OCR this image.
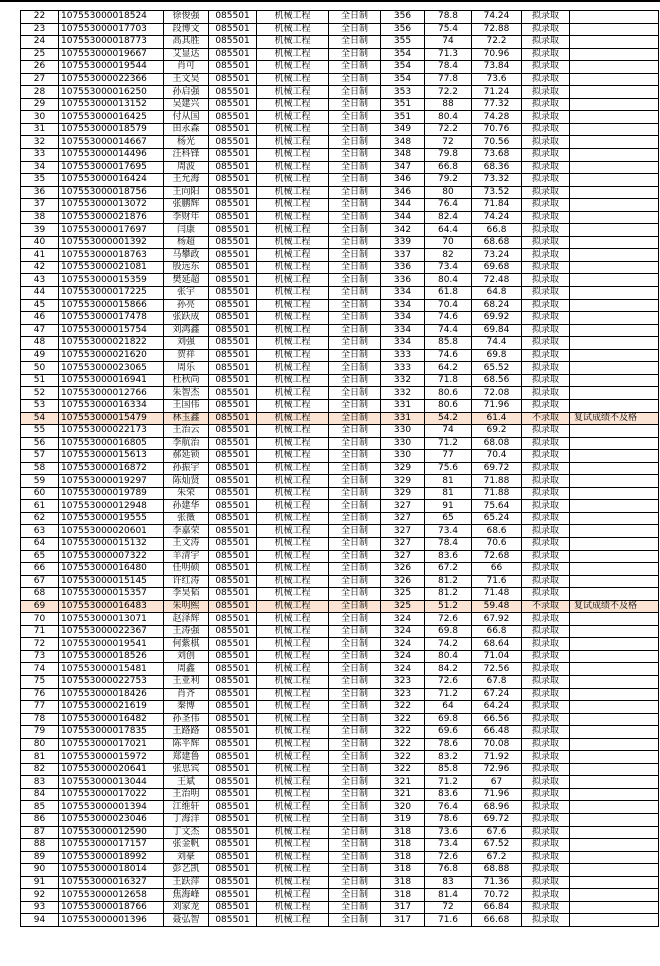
22	107553000018524	徐俊强	085501	机械工程	全日制	356	78.8	74.24	拟录取	
23	107553000017703	段博文	085501	机械工程	全日制	356	75.4	72.88	拟录取	
24	107553000018773	高其胜	085501	机械工程	全日制	355	74	72.2	拟录取	
25	107553000019667	艾显达	085501	机械工程	全日制	354	71.3	70.96	拟录取	
26	107553000019544	肖可	085501	机械工程	全日制	354	78.4	73.84	拟录取	
27	107553000022366	王文昊	085501	机械工程	全日制	354	77.8	73.6	拟录取	
28	107553000016250	孙启强	085501	机械工程	全日制	353	72.2	71.24	拟录取	
29	107553000013152	吴建兴	085501	机械工程	全日制	351	88	77.32	拟录取	
30	107553000016425	付从国	085501	机械工程	全日制	351	80.4	74.28	拟录取	
31	107553000018579	田永森	085501	机械工程	全日制	349	72.2	70.76	拟录取	
32	107553000014667	杨光	085501	机械工程	全日制	348	72	70.56	拟录取	
33	107553000014496	汪科锋	085501	机械工程	全日制	348	79.8	73.68	拟录取	
34	107553000017695	周波	085501	机械工程	全日制	347	66.8	68.36	拟录取	
35	107553000016424	王允海	085501	机械工程	全日制	346	79.2	73.32	拟录取	
36	107553000018756	王向阳	085501	机械工程	全日制	346	80	73.52	拟录取	
37	107553000013072	张鹏辉	085501	机械工程	全日制	344	76.4	71.84	拟录取	
38	107553000021876	李财年	085501	机械工程	全日制	344	82.4	74.24	拟录取	
39	107553000017697	闫康	085501	机械工程	全日制	342	64.4	66.8	拟录取	
40	107553000001392	杨超	085501	机械工程	全日制	339	70	68.68	拟录取	
41	107553000018763	马攀政	085501	机械工程	全日制	337	82	73.24	拟录取	
42	107553000021081	殷远东	085501	机械工程	全日制	336	73.4	69.68	拟录取	
43	107553000015359	樊延超	085501	机械工程	全日制	336	80.4	72.48	拟录取	
44	107553000017225	张宇	085501	机械工程	全日制	334	61.8	64.8	拟录取	
45	107553000015866	孙亮	085501	机械工程	全日制	334	70.4	68.24	拟录取	
46	107553000017478	张跃成	085501	机械工程	全日制	334	74.6	69.92	拟录取	
47	107553000015754	刘鸿鑫	085501	机械工程	全日制	334	74.4	69.84	拟录取	
48	107553000021822	刘强	085501	机械工程	全日制	334	85.8	74.4	拟录取	
49	107553000021620	贺祥	085501	机械工程	全日制	333	74.6	69.8	拟录取	
50	107553000023065	周乐	085501	机械工程	全日制	333	64.2	65.52	拟录取	
51	107553000016941	杜秋尚	085501	机械工程	全日制	332	71.8	68.56	拟录取	
52	107553000012766	朱智杰	085501	机械工程	全日制	332	80.6	72.08	拟录取	
53	107553000016334	王国伟	085501	机械工程	全日制	331	80.6	71.96	拟录取	
54	107553000015479	林玉鑫	085501	机械工程	全日制	331	54.2	61.4	不录取	复试成绩不及格
55	107553000022173	王治云	085501	机械工程	全日制	330	74	69.2	拟录取	
56	107553000016805	李航治	085501	机械工程	全日制	330	71.2	68.08	拟录取	
57	107553000015613	郝延锁	085501	机械工程	全日制	330	77	70.4	拟录取	
58	107553000016872	孙振宇	085501	机械工程	全日制	329	75.6	69.72	拟录取	
59	107553000019297	陈灿贤	085501	机械工程	全日制	329	81	71.88	拟录取	
60	107553000019789	朱荣	085501	机械工程	全日制	329	81	71.88	拟录取	
61	107553000012948	孙建华	085501	机械工程	全日制	327	91	75.64	拟录取	
62	107553000019555	张薇	085501	机械工程	全日制	327	65	65.24	拟录取	
63	107553000020601	李嘉荣	085501	机械工程	全日制	327	73.4	68.6	拟录取	
64	107553000015132	王文涛	085501	机械工程	全日制	327	78.4	70.6	拟录取	
65	107553000007322	羊清宇	085501	机械工程	全日制	327	83.6	72.68	拟录取	
66	107553000016480	任明硕	085501	机械工程	全日制	326	67.2	66	拟录取	
67	107553000015145	许红涛	085501	机械工程	全日制	326	81.2	71.6	拟录取	
68	107553000015357	李昊韬	085501	机械工程	全日制	325	81.2	71.48	拟录取	
69	107553000016483	朱明熙	085501	机械工程	全日制	325	51.2	59.48	不录取	复试成绩不及格
70	107553000013071	赵泽辉	085501	机械工程	全日制	324	72.6	67.92	拟录取	
71	107553000022367	王涛强	085501	机械工程	全日制	324	69.8	66.8	拟录取	
72	107553000019541	何紫棋	085501	机械工程	全日制	324	74.2	68.64	拟录取	
73	107553000018526	刘创	085501	机械工程	全日制	324	80.4	71.04	拟录取	
74	107553000015481	周鑫	085501	机械工程	全日制	324	84.2	72.56	拟录取	
75	107553000022753	王亚利	085501	机械工程	全日制	323	72.6	67.8	拟录取	
76	107553000018426	肖齐	085501	机械工程	全日制	323	71.2	67.24	拟录取	
77	107553000021619	秦博	085501	机械工程	全日制	322	64	64.24	拟录取	
78	107553000016482	孙圣伟	085501	机械工程	全日制	322	69.8	66.56	拟录取	
79	107553000017835	王路路	085501	机械工程	全日制	322	69.6	66.48	拟录取	
80	107553000017021	陈平辉	085501	机械工程	全日制	322	78.6	70.08	拟录取	
81	107553000015972	郑建鲁	085501	机械工程	全日制	322	83.2	71.92	拟录取	
82	107553000020641	张思宾	085501	机械工程	全日制	322	85.8	72.96	拟录取	
83	107553000013044	王斌	085501	机械工程	全日制	321	71.2	67	拟录取	
84	107553000017022	王治明	085501	机械工程	全日制	321	83.6	71.96	拟录取	
85	107553000001394	江维轩	085501	机械工程	全日制	320	76.4	68.96	拟录取	
86	107553000023046	丁海洋	085501	机械工程	全日制	319	78.6	69.72	拟录取	
87	107553000012590	丁文杰	085501	机械工程	全日制	318	73.6	67.6	拟录取	
88	107553000017157	张金帆	085501	机械工程	全日制	318	73.4	67.52	拟录取	
89	107553000018992	刘豪	085501	机械工程	全日制	318	72.6	67.2	拟录取	
90	107553000018014	彭艺凯	085501	机械工程	全日制	318	76.8	68.88	拟录取	
91	107553000016327	王跃萍	085501	机械工程	全日制	318	83	71.36	拟录取	
92	107553000012658	焦海峰	085501	机械工程	全日制	318	81.4	70.72	拟录取	
93	107553000018766	刘家龙	085501	机械工程	全日制	317	72	66.84	拟录取	
94	107553000001396	聂弘智	085501	机械工程	全日制	317	71.6	66.68	拟录取	
